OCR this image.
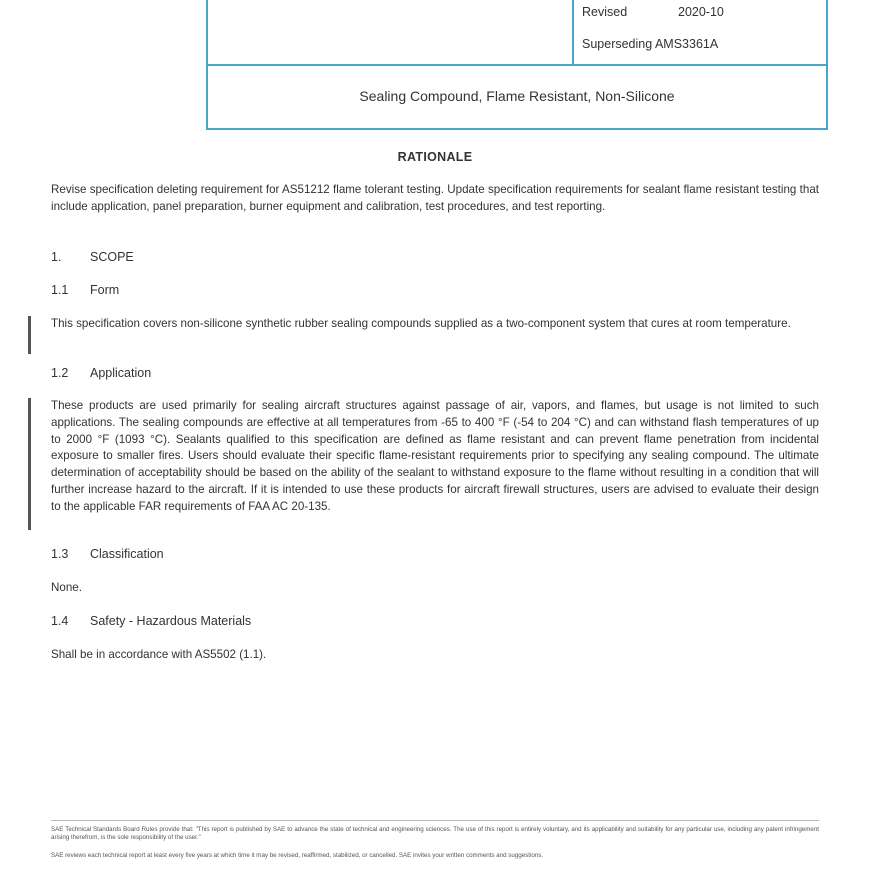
Revised	2020-10
Superseding AMS3361A
Sealing Compound, Flame Resistant, Non-Silicone
RATIONALE

Revise specification deleting requirement for AS51212 flame tolerant testing. Update specification requirements for sealant flame resistant testing that include application, panel preparation, burner equipment and calibration, test procedures, and test reporting.

1. SCOPE
1.1 Form

This specification covers non-silicone synthetic rubber sealing compounds supplied as a two-component system that cures at room temperature.

1.2 Application

These products are used primarily for sealing aircraft structures against passage of air, vapors, and flames, but usage is not limited to such applications. The sealing compounds are effective at all temperatures from -65 to 400 °F (-54 to 204 °C) and can withstand flash temperatures of up to 2000 °F (1093 °C). Sealants qualified to this specification are defined as flame resistant and can prevent flame penetration from incidental exposure to smaller fires. Users should evaluate their specific flame-resistant requirements prior to specifying any sealing compound. The ultimate determination of acceptability should be based on the ability of the sealant to withstand exposure to the flame without resulting in a condition that will further increase hazard to the aircraft. If it is intended to use these products for aircraft firewall structures, users are advised to evaluate their design to the applicable FAR requirements of FAA AC 20-135.

1.3 Classification

None.

1.4 Safety - Hazardous Materials

Shall be in accordance with AS5502 (1.1).

SAE Technical Standards Board Rules provide that: "This report is published by SAE to advance the state of technical and engineering sciences. The use of this report is entirely voluntary, and its applicability and suitability for any particular use, including any patent infringement arising therefrom, is the sole responsibility of the user."

SAE reviews each technical report at least every five years at which time it may be revised, reaffirmed, stabilized, or cancelled. SAE invites your written comments and suggestions.
